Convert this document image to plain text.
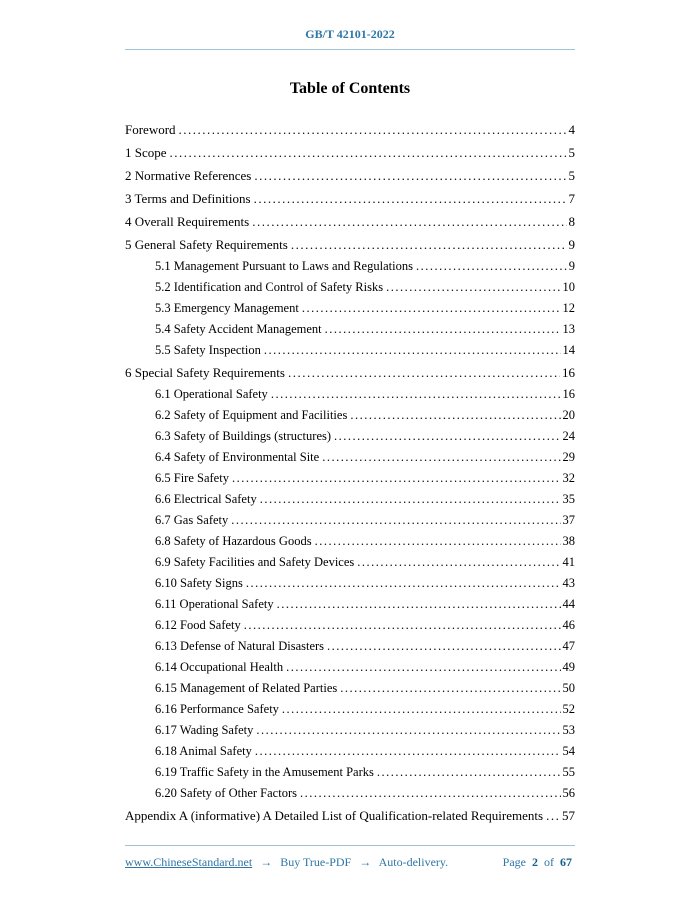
GB/T 42101-2022
Table of Contents
Foreword .....	4
1 Scope .....	5
2 Normative References .....	5
3 Terms and Definitions .....	7
4 Overall Requirements .....	8
5 General Safety Requirements .....	9
5.1 Management Pursuant to Laws and Regulations .....	9
5.2 Identification and Control of Safety Risks .....	10
5.3 Emergency Management .....	12
5.4 Safety Accident Management .....	13
5.5 Safety Inspection .....	14
6 Special Safety Requirements .....	16
6.1 Operational Safety .....	16
6.2 Safety of Equipment and Facilities .....	20
6.3 Safety of Buildings (structures) .....	24
6.4 Safety of Environmental Site .....	29
6.5 Fire Safety .....	32
6.6 Electrical Safety .....	35
6.7 Gas Safety .....	37
6.8 Safety of Hazardous Goods .....	38
6.9 Safety Facilities and Safety Devices .....	41
6.10 Safety Signs .....	43
6.11 Operational Safety .....	44
6.12 Food Safety .....	46
6.13 Defense of Natural Disasters .....	47
6.14 Occupational Health .....	49
6.15 Management of Related Parties .....	50
6.16 Performance Safety .....	52
6.17 Wading Safety .....	53
6.18 Animal Safety .....	54
6.19 Traffic Safety in the Amusement Parks .....	55
6.20 Safety of Other Factors .....	56
Appendix A (informative) A Detailed List of Qualification-related Requirements ..... 57
www.ChineseStandard.net → Buy True-PDF → Auto-delivery.	Page 2 of 67
